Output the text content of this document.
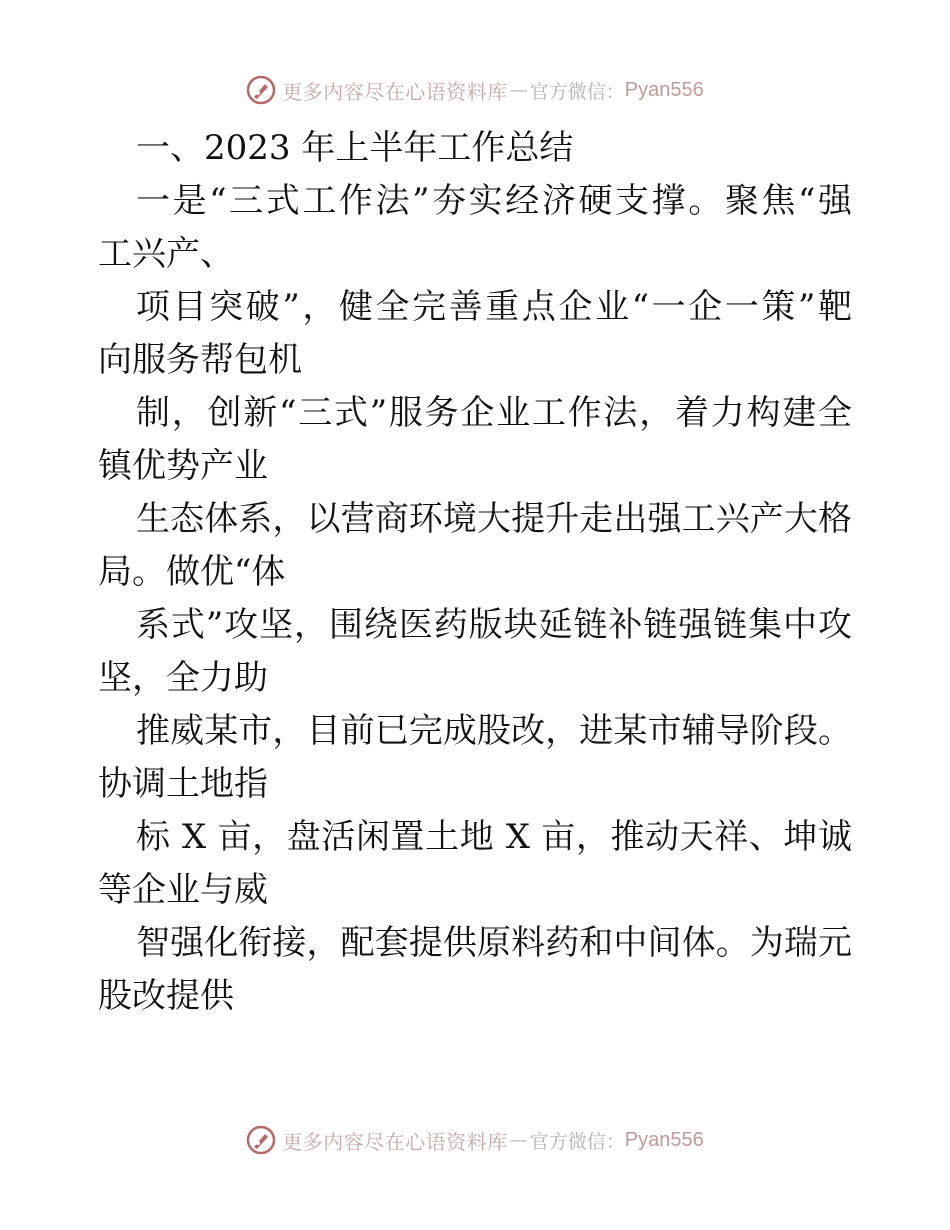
更多内容尽在心语资料库 — 官方微信： Pyan556
一、2023 年上半年工作总结
一是“三式工作法”夯实经济硬支撑。聚焦“强
工兴产、
项目突破”，健全完善重点企业“一企一策”靶
向服务帮包机
制，创新“三式”服务企业工作法，着力构建全
镇优势产业
生态体系，以营商环境大提升走出强工兴产大格
局。做优“体
系式”攻坚，围绕医药版块延链补链强链集中攻
坚，全力助
推威某市，目前已完成股改，进某市辅导阶段。
协调土地指
标 X 亩，盘活闲置土地 X 亩，推动天祥、坤诚
等企业与威
智强化衔接，配套提供原料药和中间体。为瑞元
股改提供
更多内容尽在心语资料库 — 官方微信： Pyan556
